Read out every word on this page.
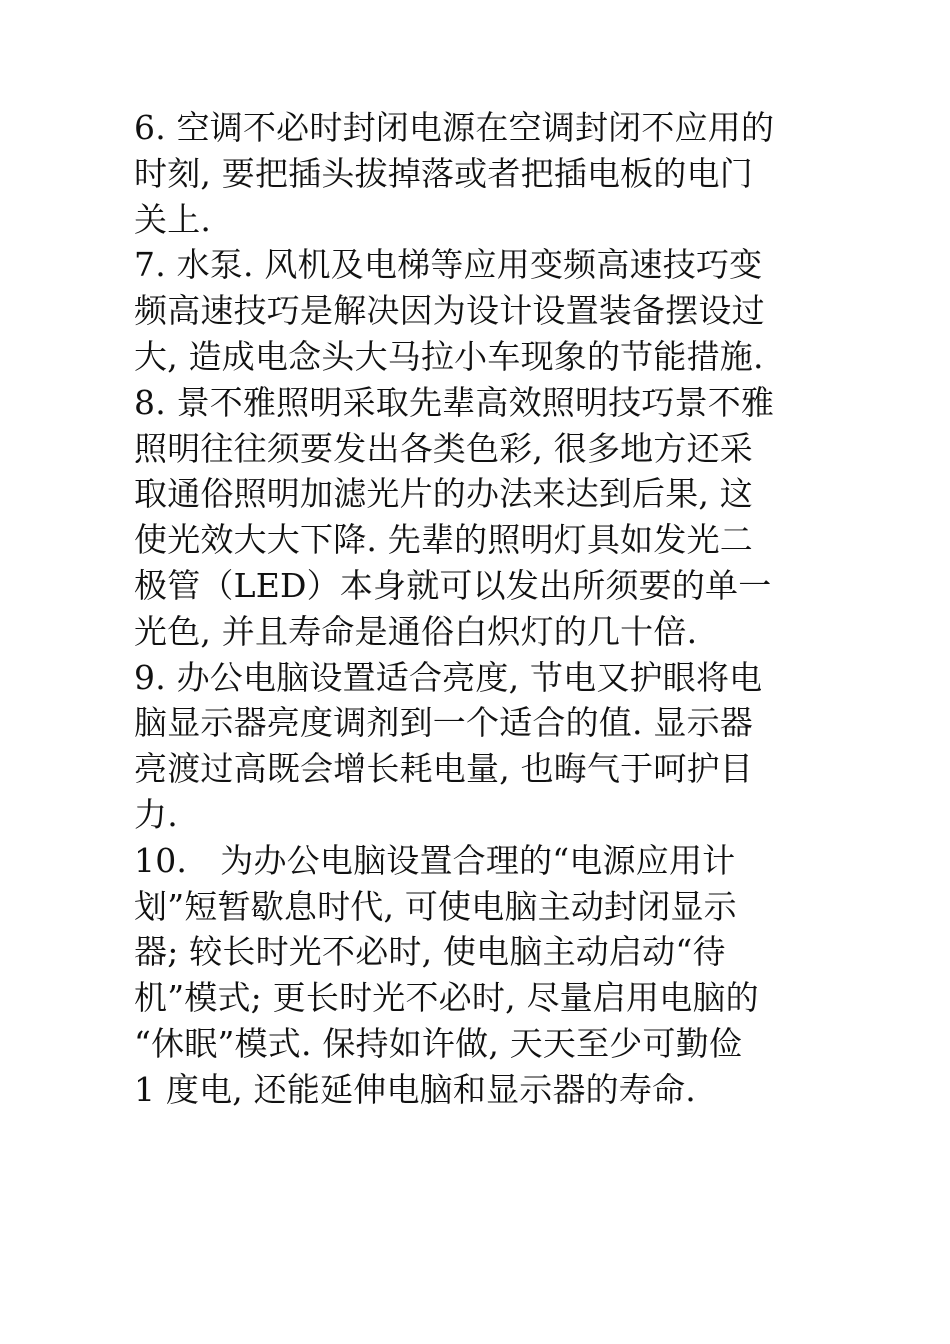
6. 空调不必时封闭电源在空调封闭不应用的
时刻, 要把插头拔掉落或者把插电板的电门
关上.

7. 水泵. 风机及电梯等应用变频高速技巧变
频高速技巧是解决因为设计设置装备摆设过
大, 造成电念头大马拉小车现象的节能措施.

8. 景不雅照明采取先辈高效照明技巧景不雅
照明往往须要发出各类色彩, 很多地方还采
取通俗照明加滤光片的办法来达到后果, 这
使光效大大下降. 先辈的照明灯具如发光二
极管（LED）本身就可以发出所须要的单一
光色, 并且寿命是通俗白炽灯的几十倍.

9. 办公电脑设置适合亮度, 节电又护眼将电
脑显示器亮度调剂到一个适合的值. 显示器
亮渡过高既会增长耗电量, 也晦气于呵护目
力.

10.　为办公电脑设置合理的“电源应用计
划”短暂歇息时代, 可使电脑主动封闭显示
器; 较长时光不必时, 使电脑主动启动“待
机”模式; 更长时光不必时, 尽量启用电脑的
“休眠”模式. 保持如许做, 天天至少可勤俭
1 度电, 还能延伸电脑和显示器的寿命.
